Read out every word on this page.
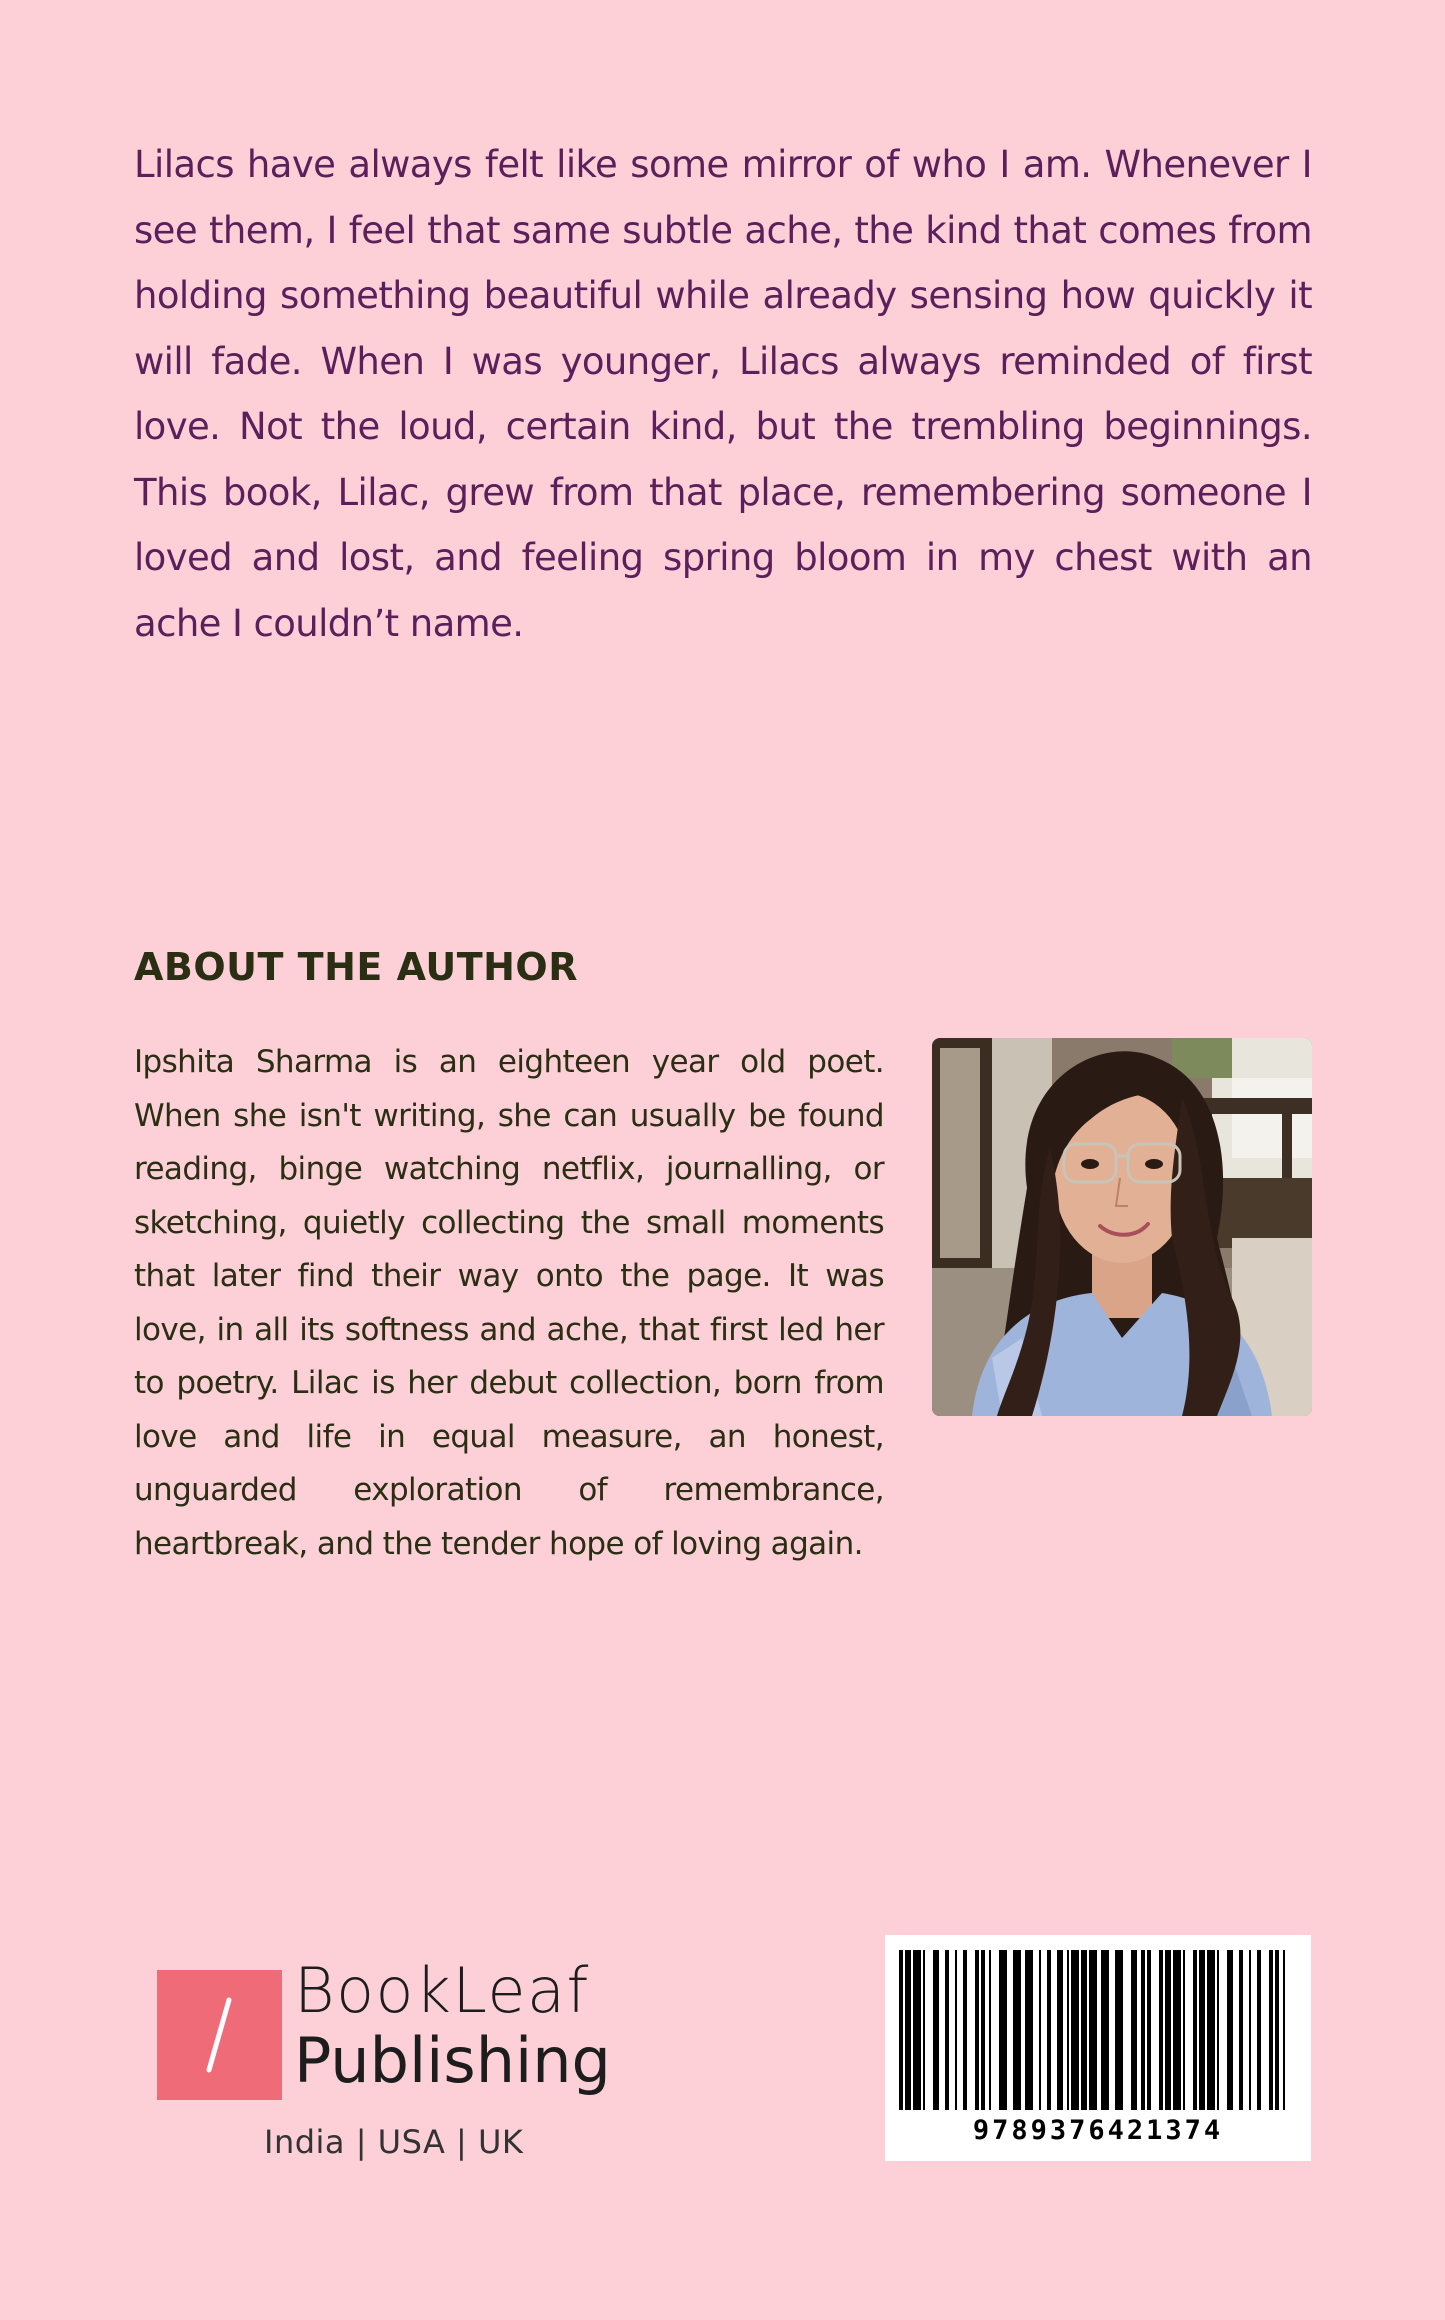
Lilacs have always felt like some mirror of who I am. Whenever I see them, I feel that same subtle ache, the kind that comes from holding something beautiful while already sensing how quickly it will fade. When I was younger, Lilacs always reminded of first love. Not the loud, certain kind, but the trembling beginnings. This book, Lilac, grew from that place, remembering someone I loved and lost, and feeling spring bloom in my chest with an ache I couldn’t name.

ABOUT THE AUTHOR

Ipshita Sharma is an eighteen year old poet. When she isn't writing, she can usually be found reading, binge watching netflix, journalling, or sketching, quietly collecting the small moments that later find their way onto the page. It was love, in all its softness and ache, that first led her to poetry. Lilac is her debut collection, born from love and life in equal measure, an honest, unguarded exploration of remembrance, heartbreak, and the tender hope of loving again.

BookLeaf
Publishing
India | USA | UK	9789376421374
